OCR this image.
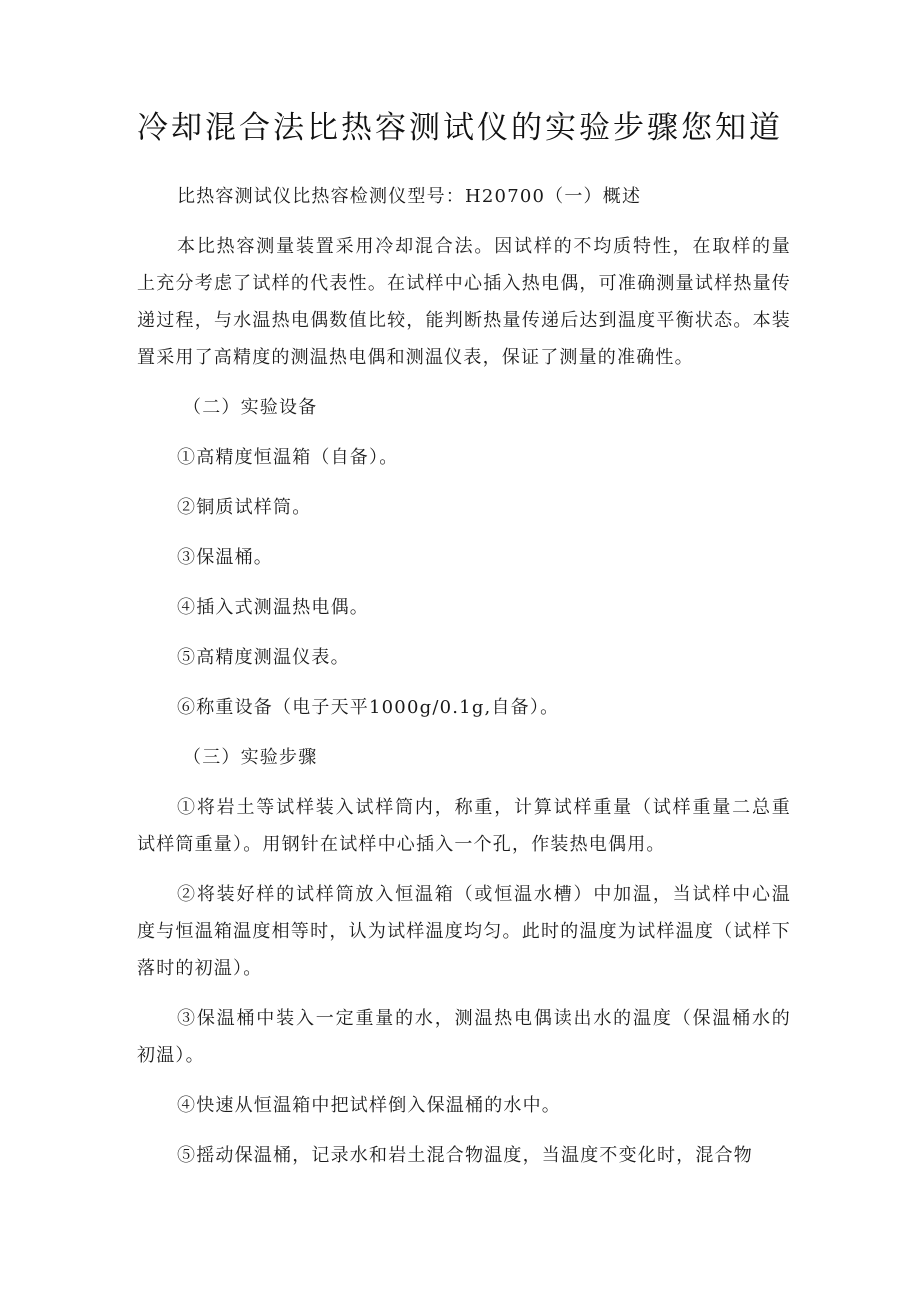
冷却混合法比热容测试仪的实验步骤您知道

比热容测试仪比热容检测仪型号：H20700（一）概述

本比热容测量装置采用冷却混合法。因试样的不均质特性，在取样的量上充分考虑了试样的代表性。在试样中心插入热电偶，可准确测量试样热量传递过程，与水温热电偶数值比较，能判断热量传递后达到温度平衡状态。本装置采用了高精度的测温热电偶和测温仪表，保证了测量的准确性。

（二）实验设备

①高精度恒温箱（自备）。

②铜质试样筒。

③保温桶。

④插入式测温热电偶。

⑤高精度测温仪表。

⑥称重设备（电子天平1000g/0.1g,自备）。

（三）实验步骤

①将岩土等试样装入试样筒内，称重，计算试样重量（试样重量二总重试样筒重量）。用钢针在试样中心插入一个孔，作装热电偶用。

②将装好样的试样筒放入恒温箱（或恒温水槽）中加温，当试样中心温度与恒温箱温度相等时，认为试样温度均匀。此时的温度为试样温度（试样下落时的初温）。

③保温桶中装入一定重量的水，测温热电偶读出水的温度（保温桶水的初温）。

④快速从恒温箱中把试样倒入保温桶的水中。

⑤摇动保温桶，记录水和岩土混合物温度，当温度不变化时，混合物
